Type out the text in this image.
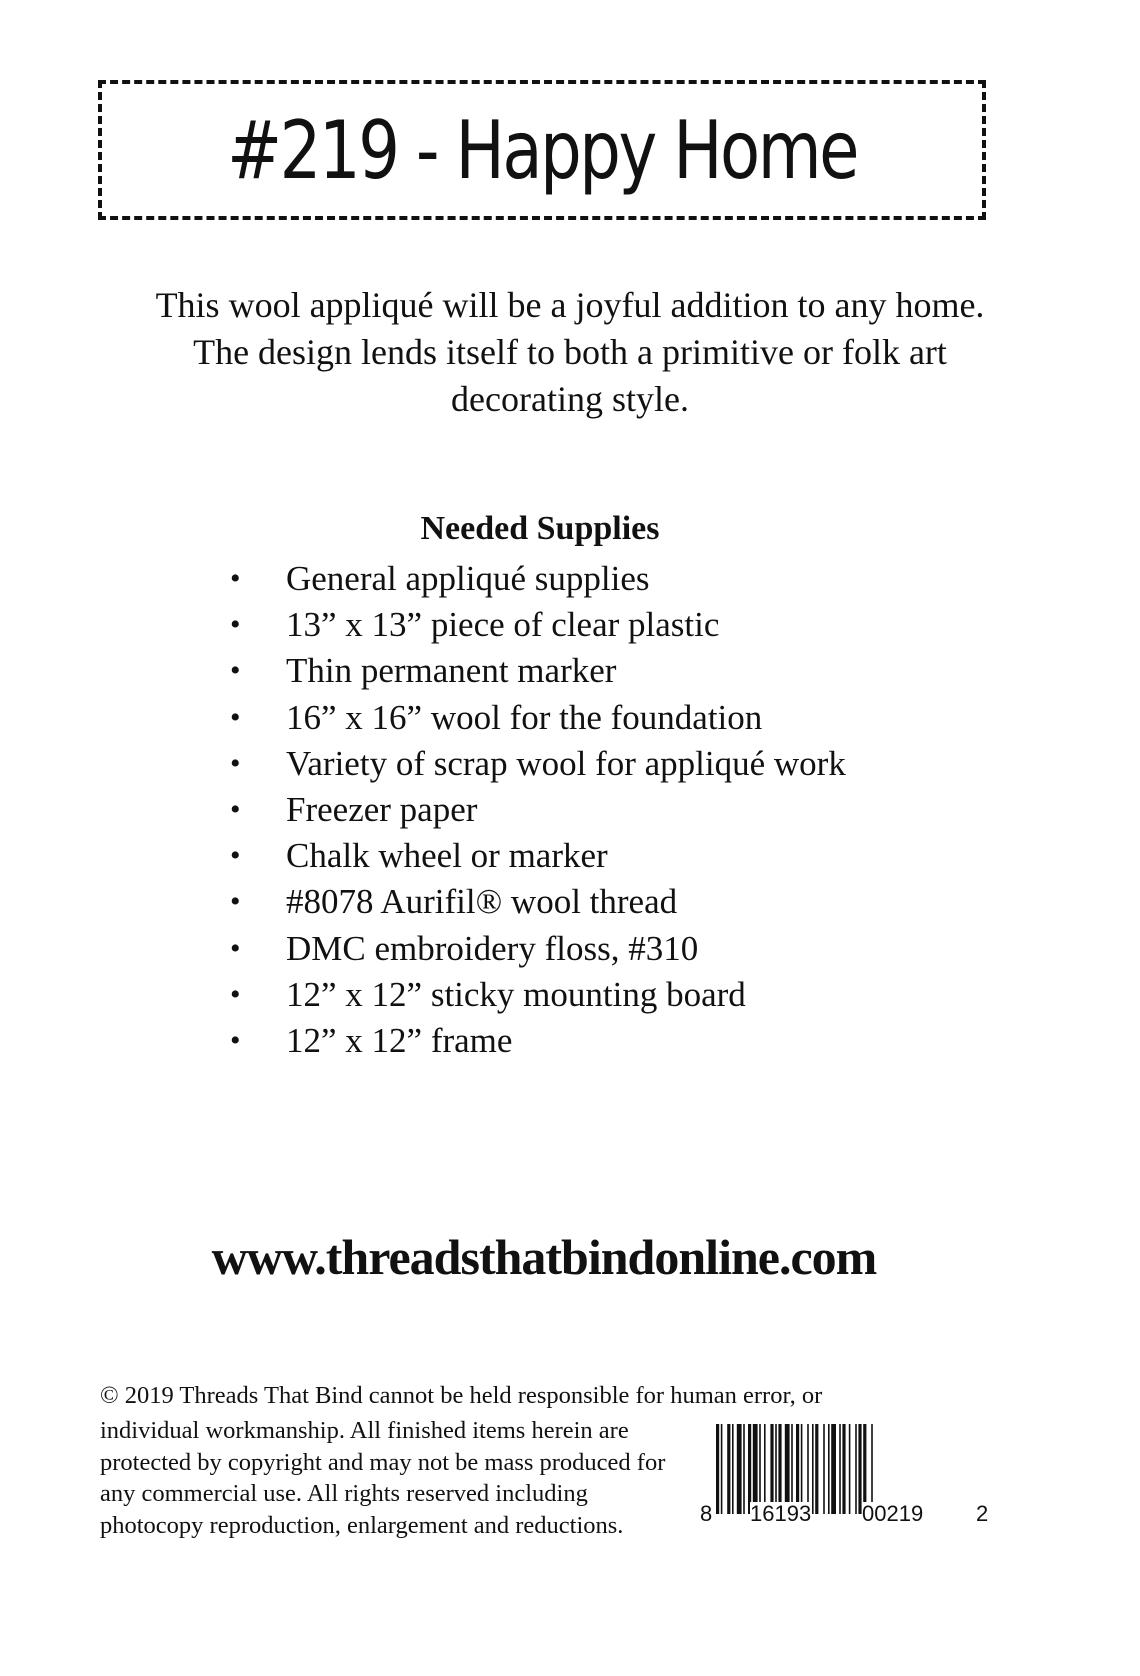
#219 - Happy Home

This wool appliqué will be a joyful addition to any home. The design lends itself to both a primitive or folk art decorating style.

Needed Supplies
•	General appliqué supplies
•	13” x 13” piece of clear plastic
•	Thin permanent marker
•	16” x 16” wool for the foundation
•	Variety of scrap wool for appliqué work
•	Freezer paper
•	Chalk wheel or marker
•	#8078 Aurifil® wool thread
•	DMC embroidery floss, #310
•	12” x 12” sticky mounting board
•	12” x 12” frame
www.threadsthatbindonline.com
© 2019 Threads That Bind cannot be held responsible for human error, or

individual workmanship. All finished items herein are protected by copyright and may not be mass produced for any commercial use. All rights reserved including photocopy reproduction, enlargement and reductions.	8 16193 00219 2
